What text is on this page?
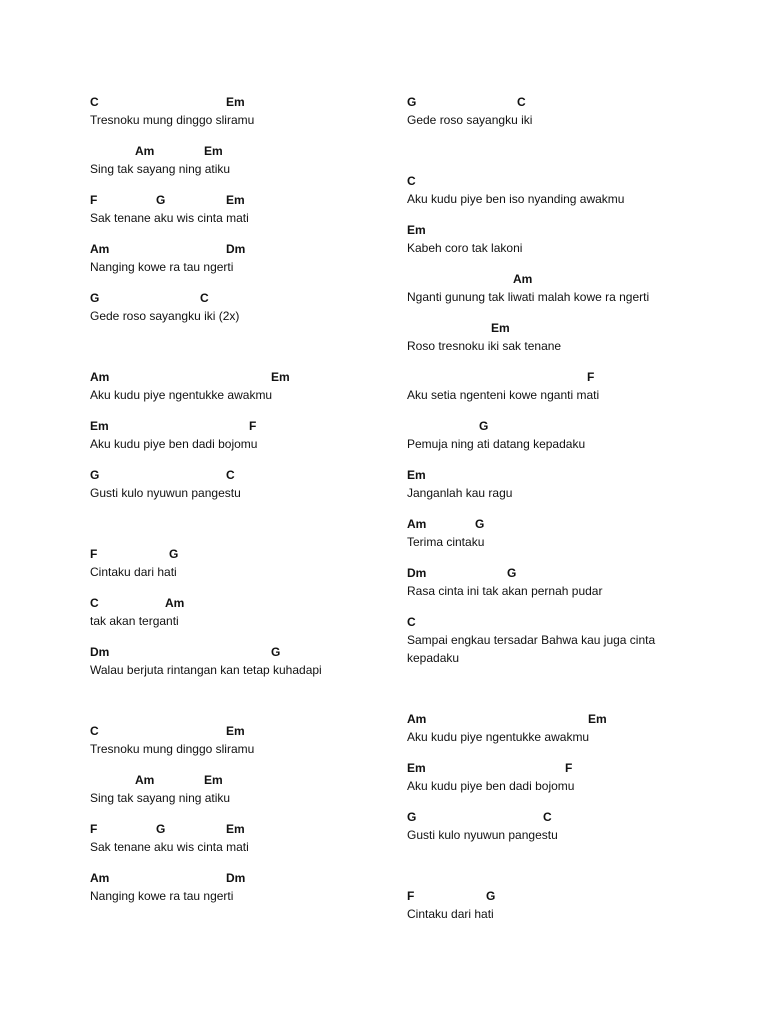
C	Em
Tresnoku mung dinggo sliramu
Am	Em
Sing tak sayang ning atiku
F	G	Em
Sak tenane aku wis cinta mati
Am	Dm
Nanging kowe ra tau ngerti
G	C
Gede roso sayangku iki (2x)
Am	Em
Aku kudu piye ngentukke awakmu
Em	F
Aku kudu piye ben dadi bojomu
G	C
Gusti kulo nyuwun pangestu
F	G
Cintaku dari hati
C	Am
tak akan terganti
Dm	G
Walau berjuta rintangan kan tetap kuhadapi
C	Em
Tresnoku mung dinggo sliramu
Am	Em
Sing tak sayang ning atiku
F	G	Em
Sak tenane aku wis cinta mati
Am	Dm
Nanging kowe ra tau ngerti
G	C
Gede roso sayangku iki
C
Aku kudu piye ben iso nyanding awakmu
Em
Kabeh coro tak lakoni
Am
Nganti gunung tak liwati malah kowe ra ngerti
Em
Roso tresnoku iki sak tenane
F
Aku setia ngenteni kowe nganti mati
G
Pemuja ning ati datang kepadaku
Em
Janganlah kau ragu
Am	G
Terima cintaku
Dm	G
Rasa cinta ini tak akan pernah pudar
C
Sampai engkau tersadar Bahwa kau juga cinta kepadaku
Am	Em
Aku kudu piye ngentukke awakmu
Em	F
Aku kudu piye ben dadi bojomu
G	C
Gusti kulo nyuwun pangestu
F	G
Cintaku dari hati
